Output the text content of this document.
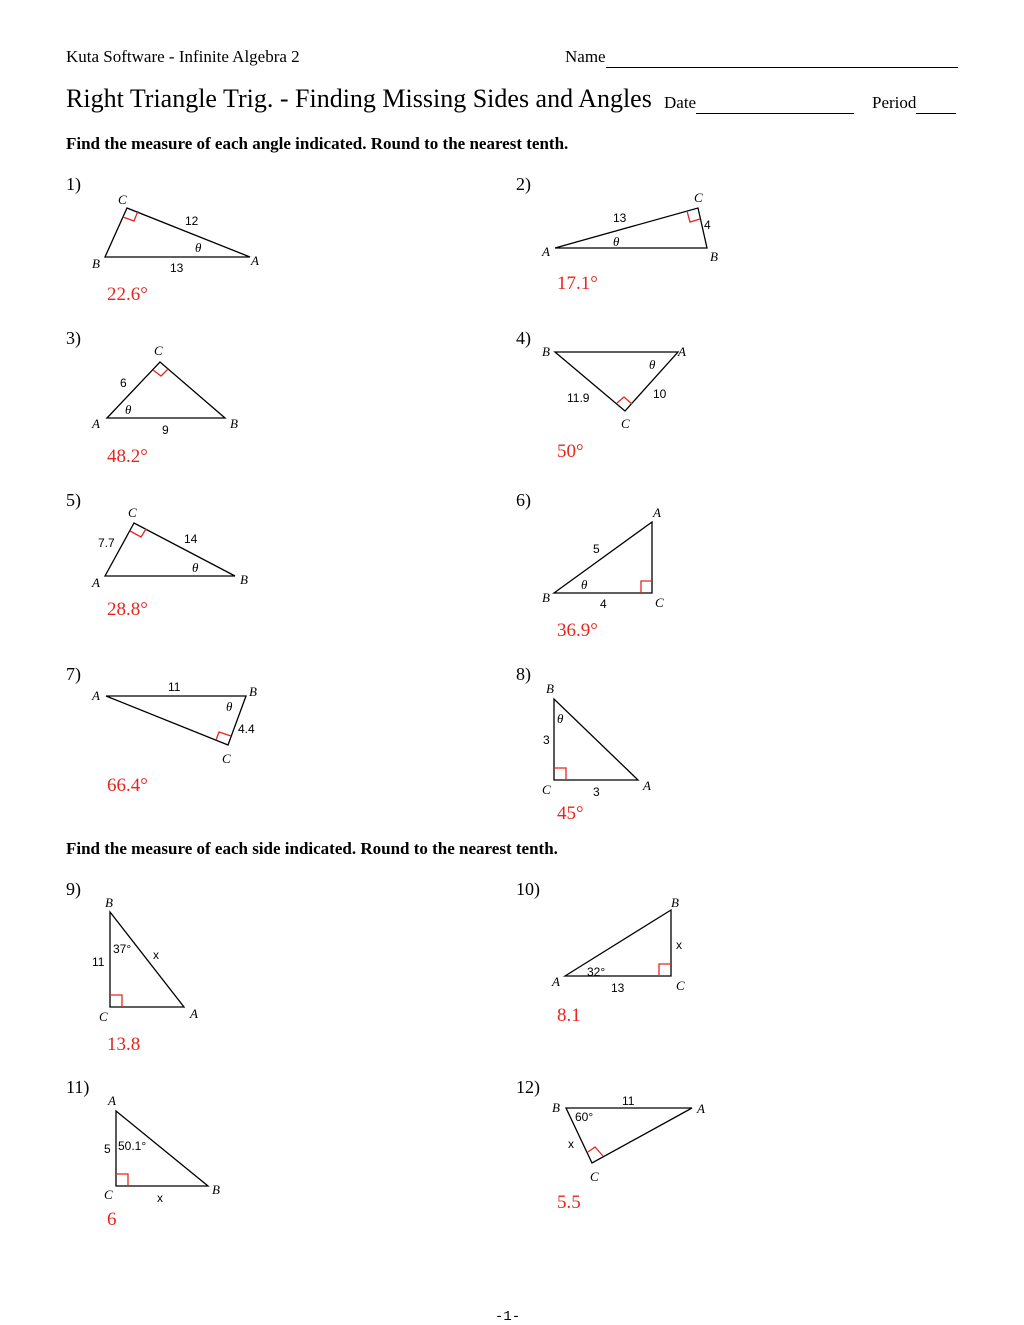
Kuta Software - Infinite Algebra 2	Name
Right Triangle Trig. - Finding Missing Sides and Angles Date	Period
Find the measure of each angle indicated. Round to the nearest tenth.
1)
C
B	A
12
13
θ
22.6°
2)
C
A	B
13	4
θ
17.1°
3)
C
A	B
6
9
θ
48.2°
4)
B	A
C
11.9	10
θ
50°
5)
C
A	B
7.7	14
θ
28.8°
6)
A
B	C
5
4
θ
36.9°
7)
A	B
C
11
4.4
θ
66.4°
8)
B
C	A
3
3
θ
45°
Find the measure of each side indicated. Round to the nearest tenth.
9)
B
C	A
11
37° x
13.8
10)
B
A	C
13
32°
x
8.1
11)
A
C	B
5 50.1°
x
6
12)
B	A
C
11
60°
x
5.5
-1-
